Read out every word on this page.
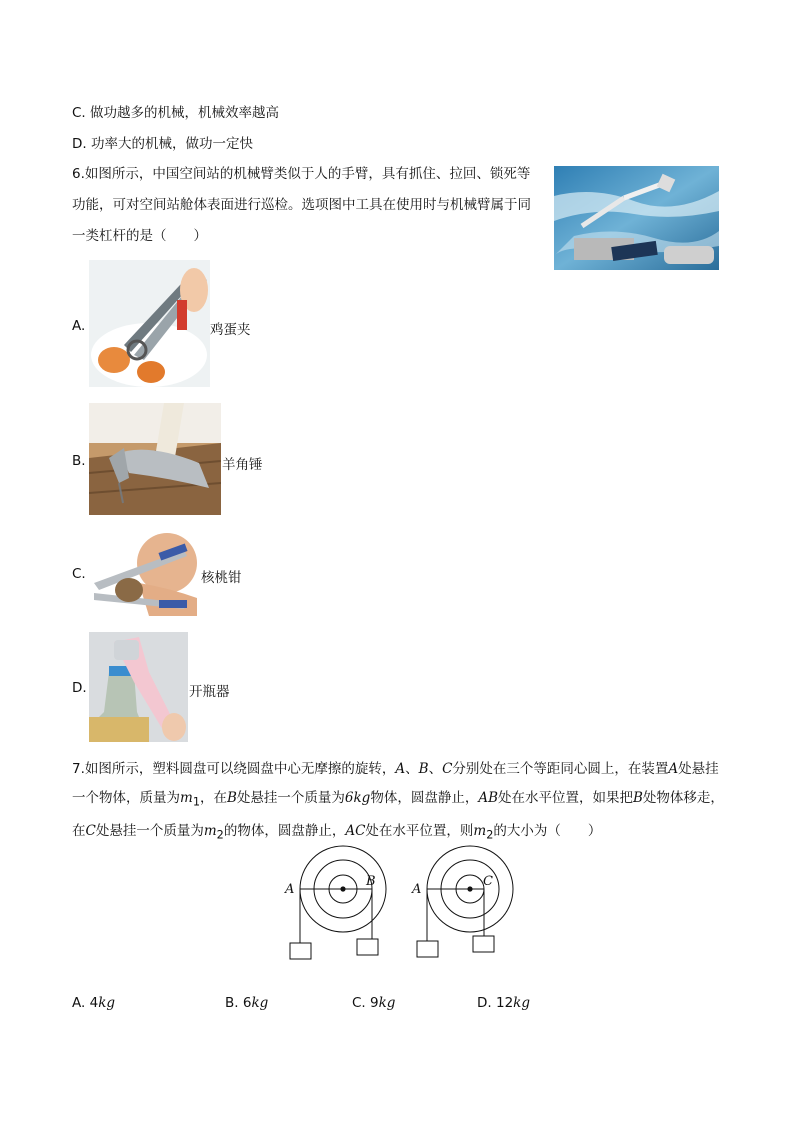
C. 做功越多的机械，机械效率越高
D. 功率大的机械，做功一定快
6.如图所示，中国空间站的机械臂类似于人的手臂，具有抓住、拉回、锁死等功能，可对空间站舱体表面进行巡检。选项图中工具在使用时与机械臂属于同一类杠杆的是（　　）
A.	鸡蛋夹
B.	羊角锤
C.	核桃钳
D.	开瓶器
7.如图所示，塑料圆盘可以绕圆盘中心无摩擦的旋转，A、B、C分别处在三个等距同心圆上，在装置A处悬挂一个物体，质量为$m_1$，在B处悬挂一个质量为6kg物体，圆盘静止，AB处在水平位置，如果把B处物体移走，在C处悬挂一个质量为$m_2$的物体，圆盘静止，AC处在水平位置，则$m_2$的大小为（　　）
A
B
A
C
A. 4kg	B. 6kg	C. 9kg	D. 12kg
